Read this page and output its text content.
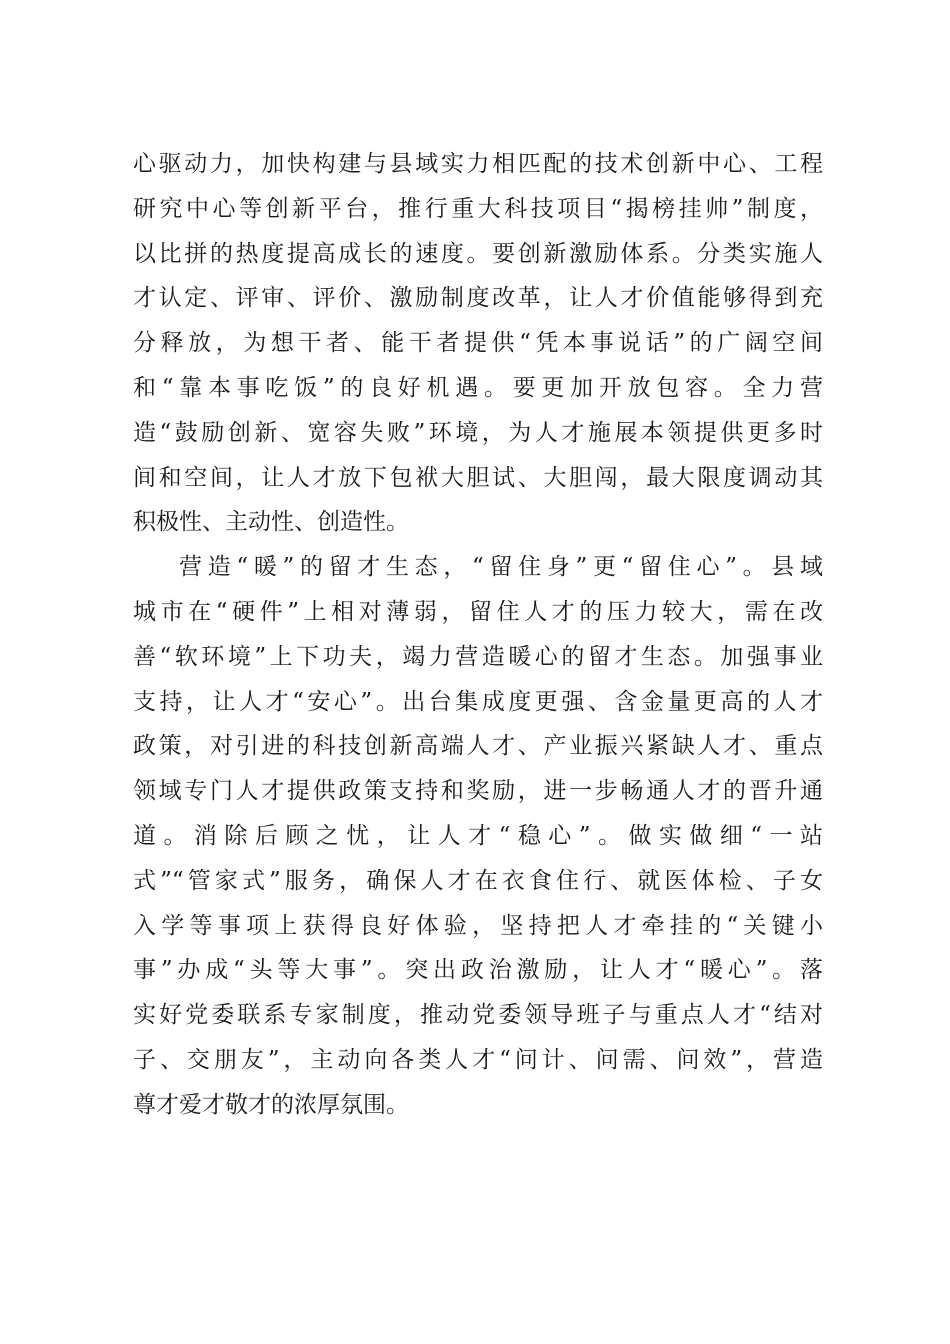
心驱动力，加快构建与县域实力相匹配的技术创新中心、工程
研究中心等创新平台，推行重大科技项目“揭榜挂帅”制度，
以比拼的热度提高成长的速度。要创新激励体系。分类实施人
才认定、评审、评价、激励制度改革，让人才价值能够得到充
分释放，为想干者、能干者提供“凭本事说话”的广阔空间
和“靠本事吃饭”的良好机遇。要更加开放包容。全力营
造“鼓励创新、宽容失败”环境，为人才施展本领提供更多时
间和空间，让人才放下包袱大胆试、大胆闯，最大限度调动其
积极性、主动性、创造性。
营造“暖”的留才生态，“留住身”更“留住心”。县域
城市在“硬件”上相对薄弱，留住人才的压力较大，需在改
善“软环境”上下功夫，竭力营造暖心的留才生态。加强事业
支持，让人才“安心”。出台集成度更强、含金量更高的人才
政策，对引进的科技创新高端人才、产业振兴紧缺人才、重点
领域专门人才提供政策支持和奖励，进一步畅通人才的晋升通
道。消除后顾之忧，让人才“稳心”。做实做细“一站
式”“管家式”服务，确保人才在衣食住行、就医体检、子女
入学等事项上获得良好体验，坚持把人才牵挂的“关键小
事”办成“头等大事”。突出政治激励，让人才“暖心”。落
实好党委联系专家制度，推动党委领导班子与重点人才“结对
子、交朋友”，主动向各类人才“问计、问需、问效”，营造
尊才爱才敬才的浓厚氛围。
